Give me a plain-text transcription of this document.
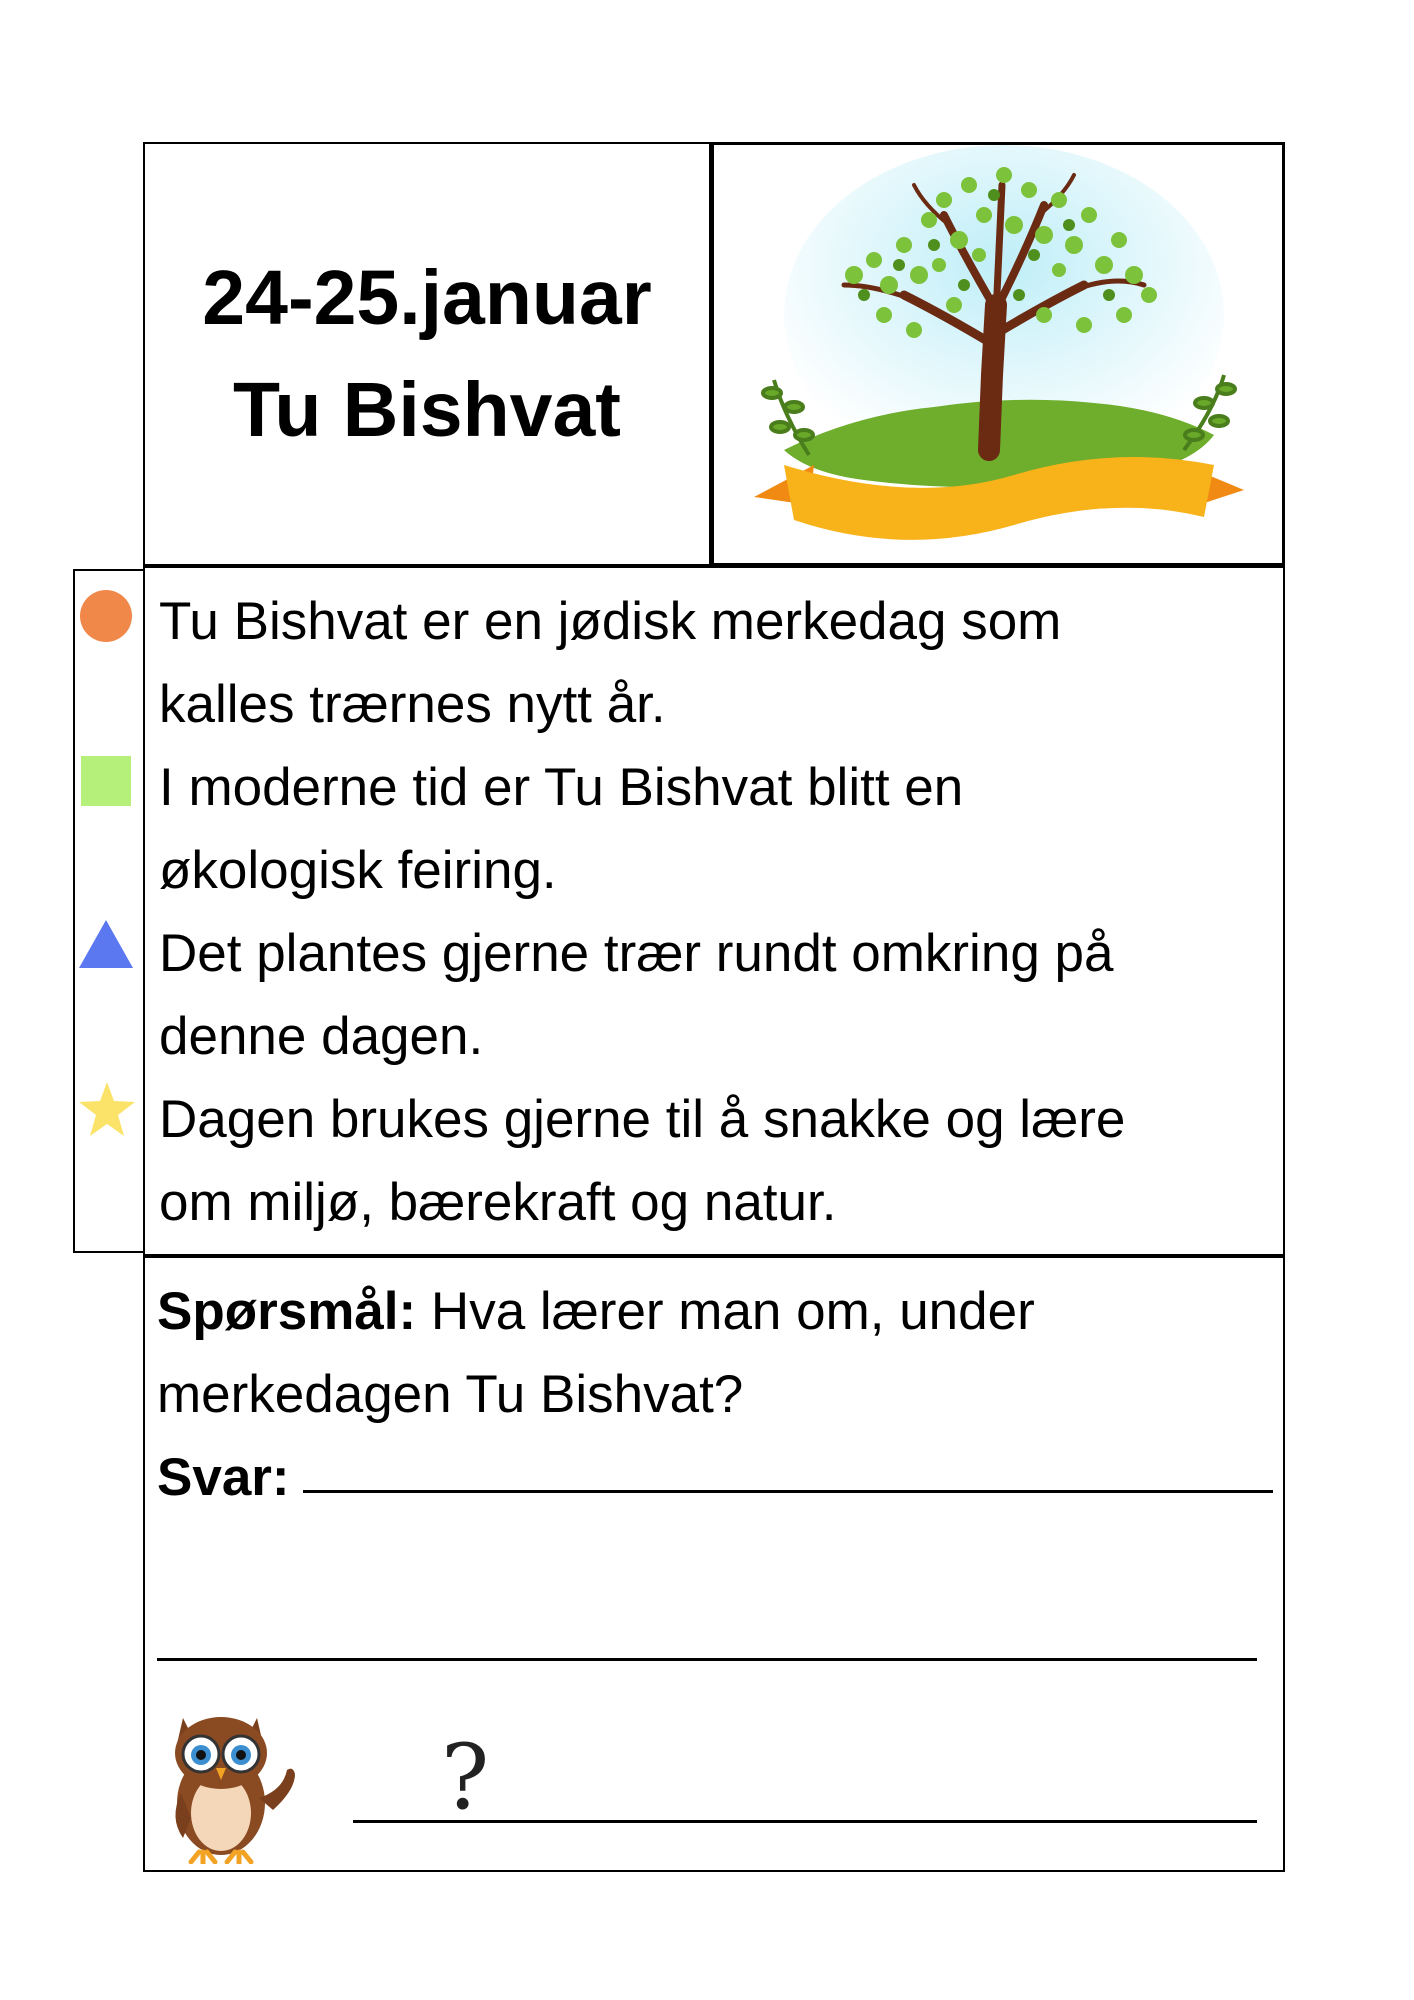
24-25.januar
Tu Bishvat
Tu Bishvat er en jødisk merkedag som
kalles trærnes nytt år.
I moderne tid er Tu Bishvat blitt en
økologisk feiring.
Det plantes gjerne trær rundt omkring på
denne dagen.
Dagen brukes gjerne til å snakke og lære
om miljø, bærekraft og natur.
Spørsmål: Hva lærer man om, under
merkedagen Tu Bishvat?
Svar:
?
